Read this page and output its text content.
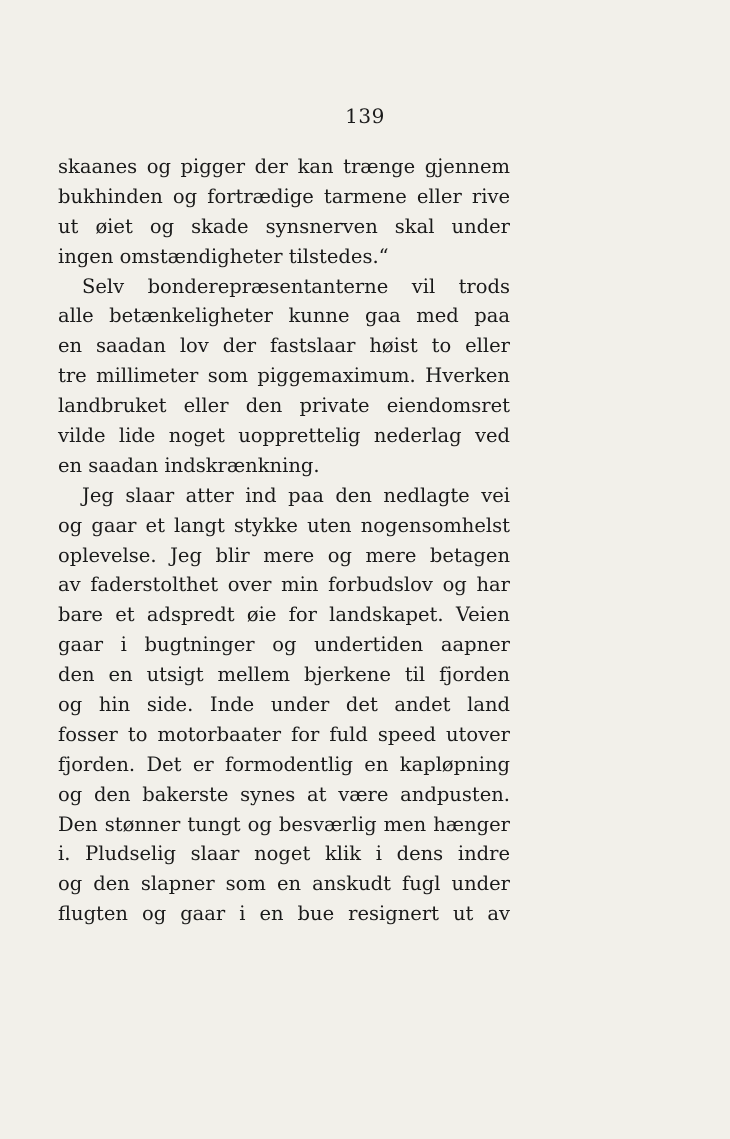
139
skaanes og pigger der kan trænge gjennem
bukhinden og fortrædige tarmene eller rive
ut øiet og skade synsnerven skal under
ingen omstændigheter tilstedes.“
Selv bonderepræsentanterne vil trods
alle betænkeligheter kunne gaa med paa
en saadan lov der fastslaar høist to eller
tre millimeter som piggemaximum. Hverken
landbruket eller den private eiendomsret
vilde lide noget uopprettelig nederlag ved
en saadan indskrænkning.
Jeg slaar atter ind paa den nedlagte vei
og gaar et langt stykke uten nogensomhelst
oplevelse. Jeg blir mere og mere betagen
av faderstolthet over min forbudslov og har
bare et adspredt øie for landskapet. Veien
gaar i bugtninger og undertiden aapner
den en utsigt mellem bjerkene til fjorden
og hin side. Inde under det andet land
fosser to motorbaater for fuld speed utover
fjorden. Det er formodentlig en kapløpning
og den bakerste synes at være andpusten.
Den stønner tungt og besværlig men hænger
i. Pludselig slaar noget klik i dens indre
og den slapner som en anskudt fugl under
flugten og gaar i en bue resignert ut av
